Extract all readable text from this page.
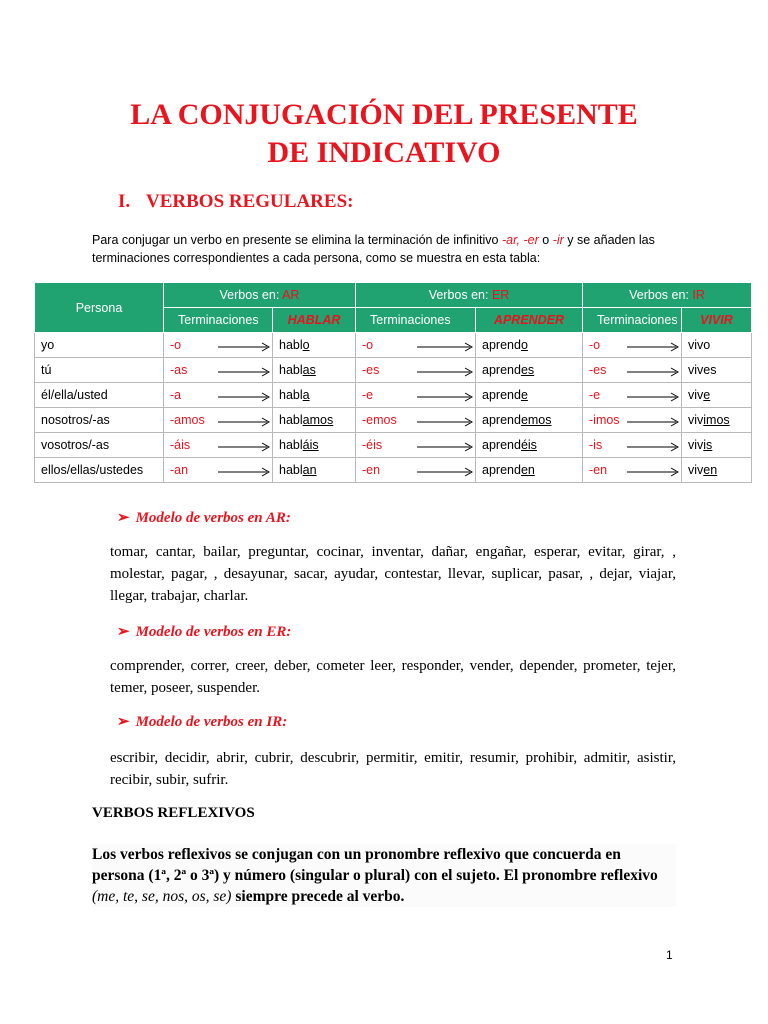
LA CONJUGACIÓN DEL PRESENTE
DE INDICATIVO
I. VERBOS REGULARES:
Para conjugar un verbo en presente se elimina la terminación de infinitivo -ar, -er o -ir y se añaden las terminaciones correspondientes a cada persona, como se muestra en esta tabla:
Persona	Verbos en: AR		Verbos en: ER		Verbos en: IR	
	Terminaciones	HABLAR	Terminaciones	APRENDER	Terminaciones	VIVIR
yo	-o	hablo	-o	aprendo	-o	vivo
tú	-as	hablas	-es	aprendes	-es	vives
él/ella/usted	-a	habla	-e	aprende	-e	vive
nosotros/-as	-amos	hablamos	-emos	aprendemos	-imos	vivimos
vosotros/-as	-áis	habláis	-éis	aprendéis	-is	vivis
ellos/ellas/ustedes	-an	hablan	-en	aprenden	-en	viven
➢ Modelo de verbos en AR:
tomar, cantar, bailar, preguntar, cocinar, inventar, dañar, engañar, esperar, evitar, girar, , molestar, pagar, , desayunar, sacar, ayudar, contestar, llevar, suplicar, pasar, , dejar, viajar, llegar, trabajar, charlar.
➢ Modelo de verbos en ER:
comprender, correr, creer, deber, cometer leer, responder, vender, depender, prometer, tejer, temer, poseer, suspender.
➢ Modelo de verbos en IR:
escribir, decidir, abrir, cubrir, descubrir, permitir, emitir, resumir, prohibir, admitir, asistir, recibir, subir, sufrir.
VERBOS REFLEXIVOS
Los verbos reflexivos se conjugan con un pronombre reflexivo que concuerda en persona (1ª, 2ª o 3ª) y número (singular o plural) con el sujeto. El pronombre reflexivo (me, te, se, nos, os, se) siempre precede al verbo.
1
